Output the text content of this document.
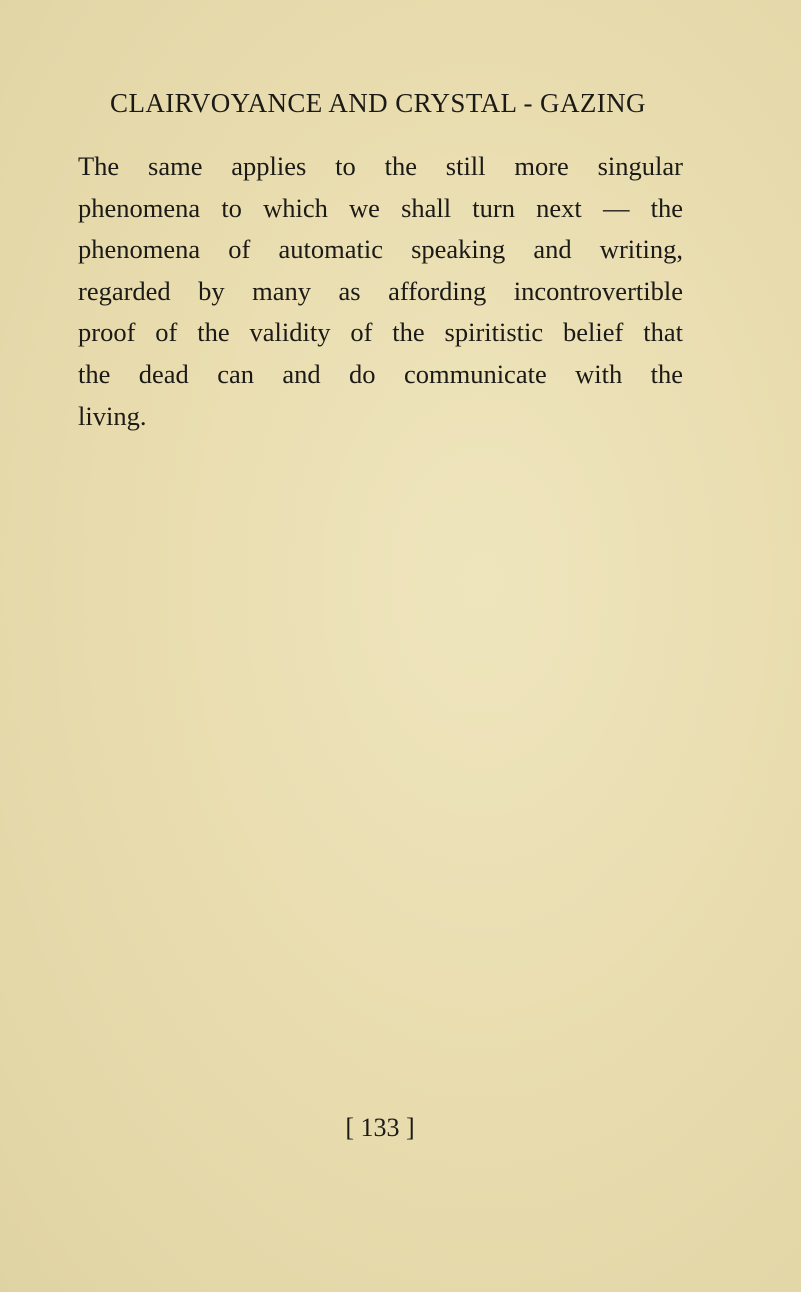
CLAIRVOYANCE AND CRYSTAL - GAZING
The same applies to the still more singular
phenomena to which we shall turn next — the
phenomena of automatic speaking and writing,
regarded by many as affording incontrovertible
proof of the validity of the spiritistic belief that
the dead can and do communicate with the
living.
[ 133 ]
